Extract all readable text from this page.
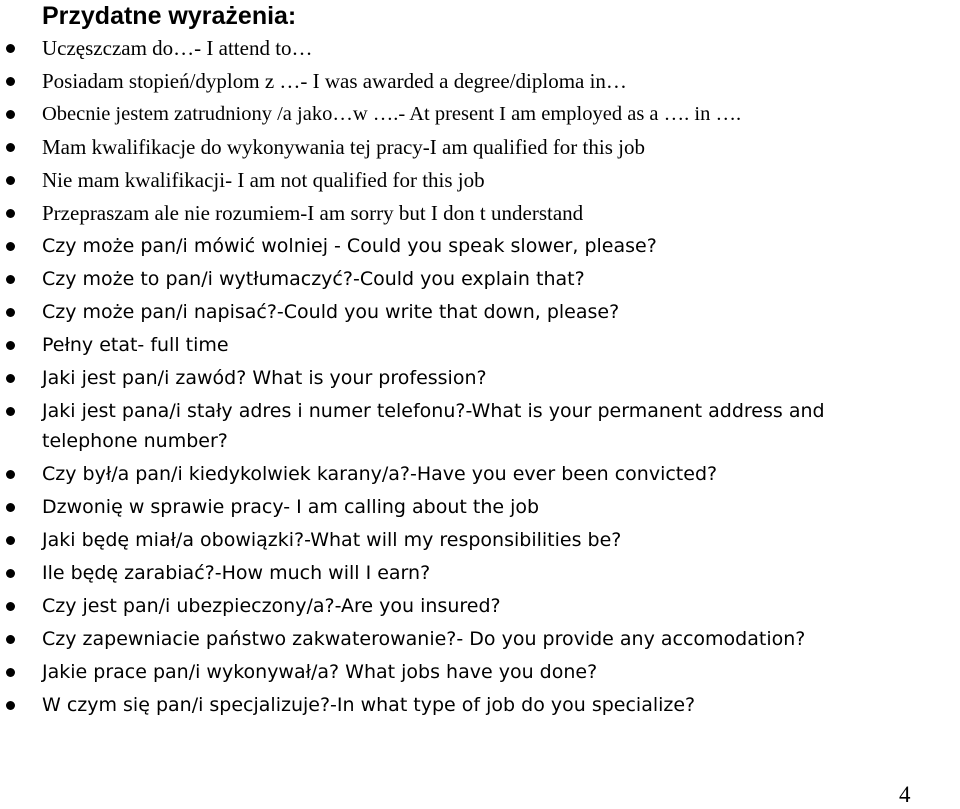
Przydatne wyrażenia:
Uczęszczam do…- I attend to…
Posiadam stopień/dyplom z …- I was awarded a degree/diploma in…
Obecnie jestem zatrudniony /a jako…w ….- At present I am employed as a …. in ….
Mam kwalifikacje do wykonywania tej pracy-I am qualified for this job
Nie mam kwalifikacji- I am not qualified for this job
Przepraszam ale nie rozumiem-I am sorry but I don t understand
Czy może pan/i mówić wolniej - Could you speak slower, please?
Czy może to pan/i wytłumaczyć?-Could you explain that?
Czy może pan/i napisać?-Could you write that down, please?
Pełny etat- full time
Jaki jest pan/i zawód? What is your profession?
Jaki jest pana/i stały adres i numer telefonu?-What is your permanent address and
telephone number?
Czy był/a pan/i kiedykolwiek karany/a?-Have you ever been convicted?
Dzwonię w sprawie pracy- I am calling about the job
Jaki będę miał/a obowiązki?-What will my responsibilities be?
Ile będę zarabiać?-How much will I earn?
Czy jest pan/i ubezpieczony/a?-Are you insured?
Czy zapewniacie państwo zakwaterowanie?- Do you provide any accomodation?
Jakie prace pan/i wykonywał/a? What jobs have you done?
W czym się pan/i specjalizuje?-In what type of job do you specialize?
4
